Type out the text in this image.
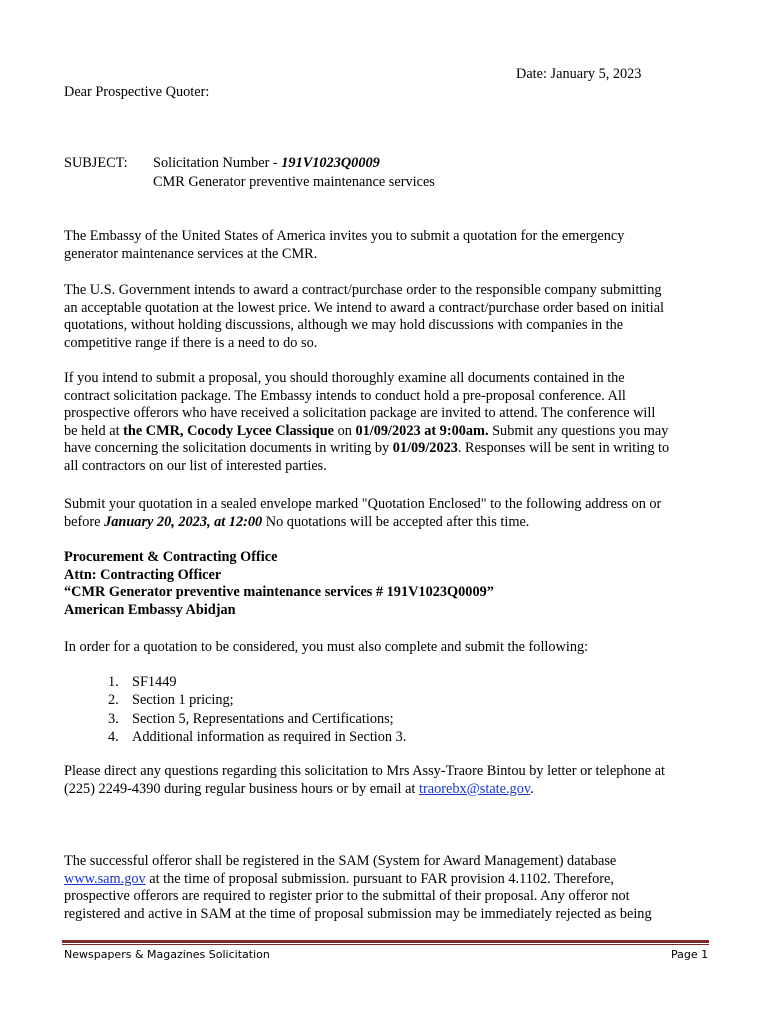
Date: January 5, 2023
Dear Prospective Quoter:
SUBJECT: Solicitation Number - 191V1023Q0009
CMR Generator preventive maintenance services
The Embassy of the United States of America invites you to submit a quotation for the emergency
generator maintenance services at the CMR.
The U.S. Government intends to award a contract/purchase order to the responsible company submitting
an acceptable quotation at the lowest price. We intend to award a contract/purchase order based on initial
quotations, without holding discussions, although we may hold discussions with companies in the
competitive range if there is a need to do so.
If you intend to submit a proposal, you should thoroughly examine all documents contained in the
contract solicitation package. The Embassy intends to conduct hold a pre-proposal conference. All
prospective offerors who have received a solicitation package are invited to attend. The conference will
be held at the CMR, Cocody Lycee Classique on 01/09/2023 at 9:00am. Submit any questions you may
have concerning the solicitation documents in writing by 01/09/2023. Responses will be sent in writing to
all contractors on our list of interested parties.
Submit your quotation in a sealed envelope marked "Quotation Enclosed" to the following address on or
before January 20, 2023, at 12:00 No quotations will be accepted after this time.
Procurement & Contracting Office
Attn: Contracting Officer
“CMR Generator preventive maintenance services # 191V1023Q0009”
American Embassy Abidjan
In order for a quotation to be considered, you must also complete and submit the following:
1. SF1449
2. Section 1 pricing;
3. Section 5, Representations and Certifications;
4. Additional information as required in Section 3.
Please direct any questions regarding this solicitation to Mrs Assy-Traore Bintou by letter or telephone at
(225) 2249-4390 during regular business hours or by email at traorebx@state.gov.
The successful offeror shall be registered in the SAM (System for Award Management) database
www.sam.gov at the time of proposal submission. pursuant to FAR provision 4.1102. Therefore,
prospective offerors are required to register prior to the submittal of their proposal. Any offeror not
registered and active in SAM at the time of proposal submission may be immediately rejected as being
Newspapers & Magazines Solicitation	Page 1
